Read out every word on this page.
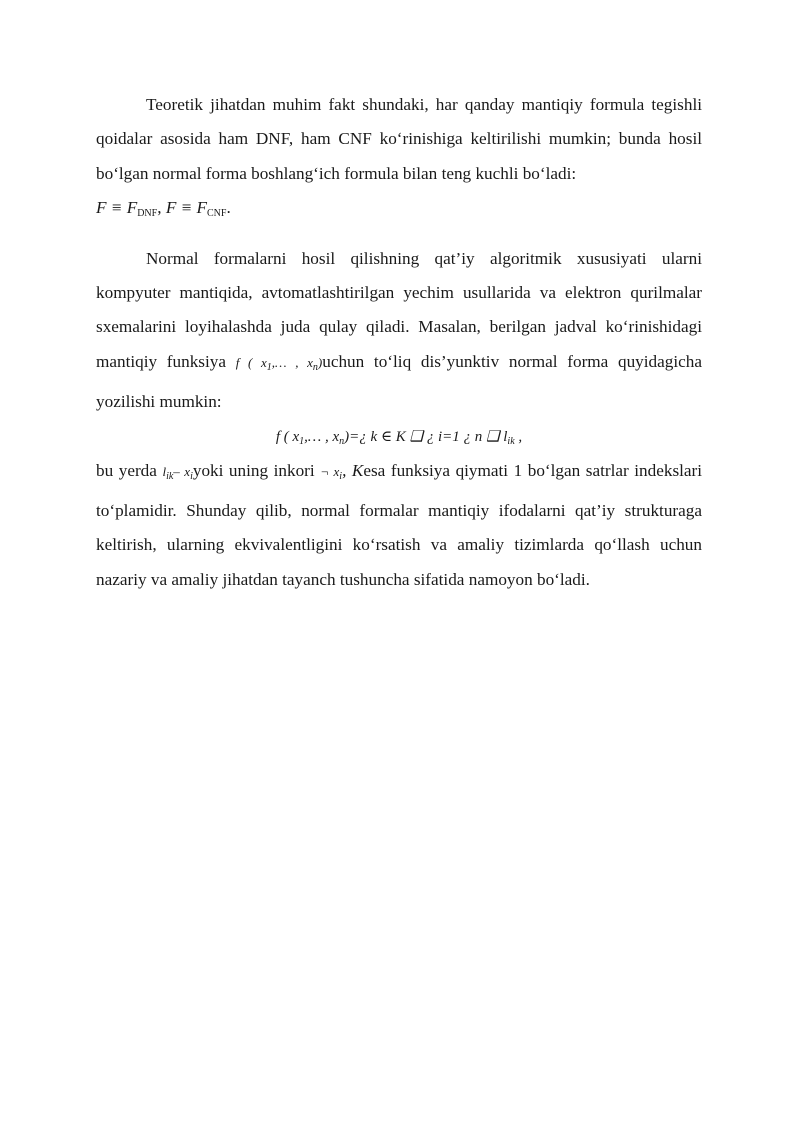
Teoretik jihatdan muhim fakt shundaki, har qanday mantiqiy formula tegishli qoidalar asosida ham DNF, ham CNF ko‘rinishiga keltirilishi mumkin; bunda hosil bo‘lgan normal forma boshlang‘ich formula bilan teng kuchli bo‘ladi:
$F \equiv F_{DNF}$, $F \equiv F_{CNF}$.

Normal formalarni hosil qilishning qat’iy algoritmik xususiyati ularni kompyuter mantiqida, avtomatlashtirilgan yechim usullarida va elektron qurilmalar sxemalarini loyihalashda juda qulay qiladi. Masalan, berilgan jadval ko‘rinishidagi mantiqiy funksiya f ( $x_1,\dots$ , $x_n)uchun$ to‘liq dis’yunktiv normal forma quyidagicha yozilishi mumkin:

f ( $x_1,\dots$ , $x_n)=¿$ k ∈ K ❑ ¿ i=1 ¿ n ❑ $l_{ik}$ ,

bu yerda $l_{ik}-$ $x_iyoki$ uning inkori ¬ $x_i$, Kesa funksiya qiymati 1 bo‘lgan satrlar indekslari to‘plamidir. Shunday qilib, normal formalar mantiqiy ifodalarni qat’iy strukturaga keltirish, ularning ekvivalentligini ko‘rsatish va amaliy tizimlarda qo‘llash uchun nazariy va amaliy jihatdan tayanch tushuncha sifatida namoyon bo‘ladi.
